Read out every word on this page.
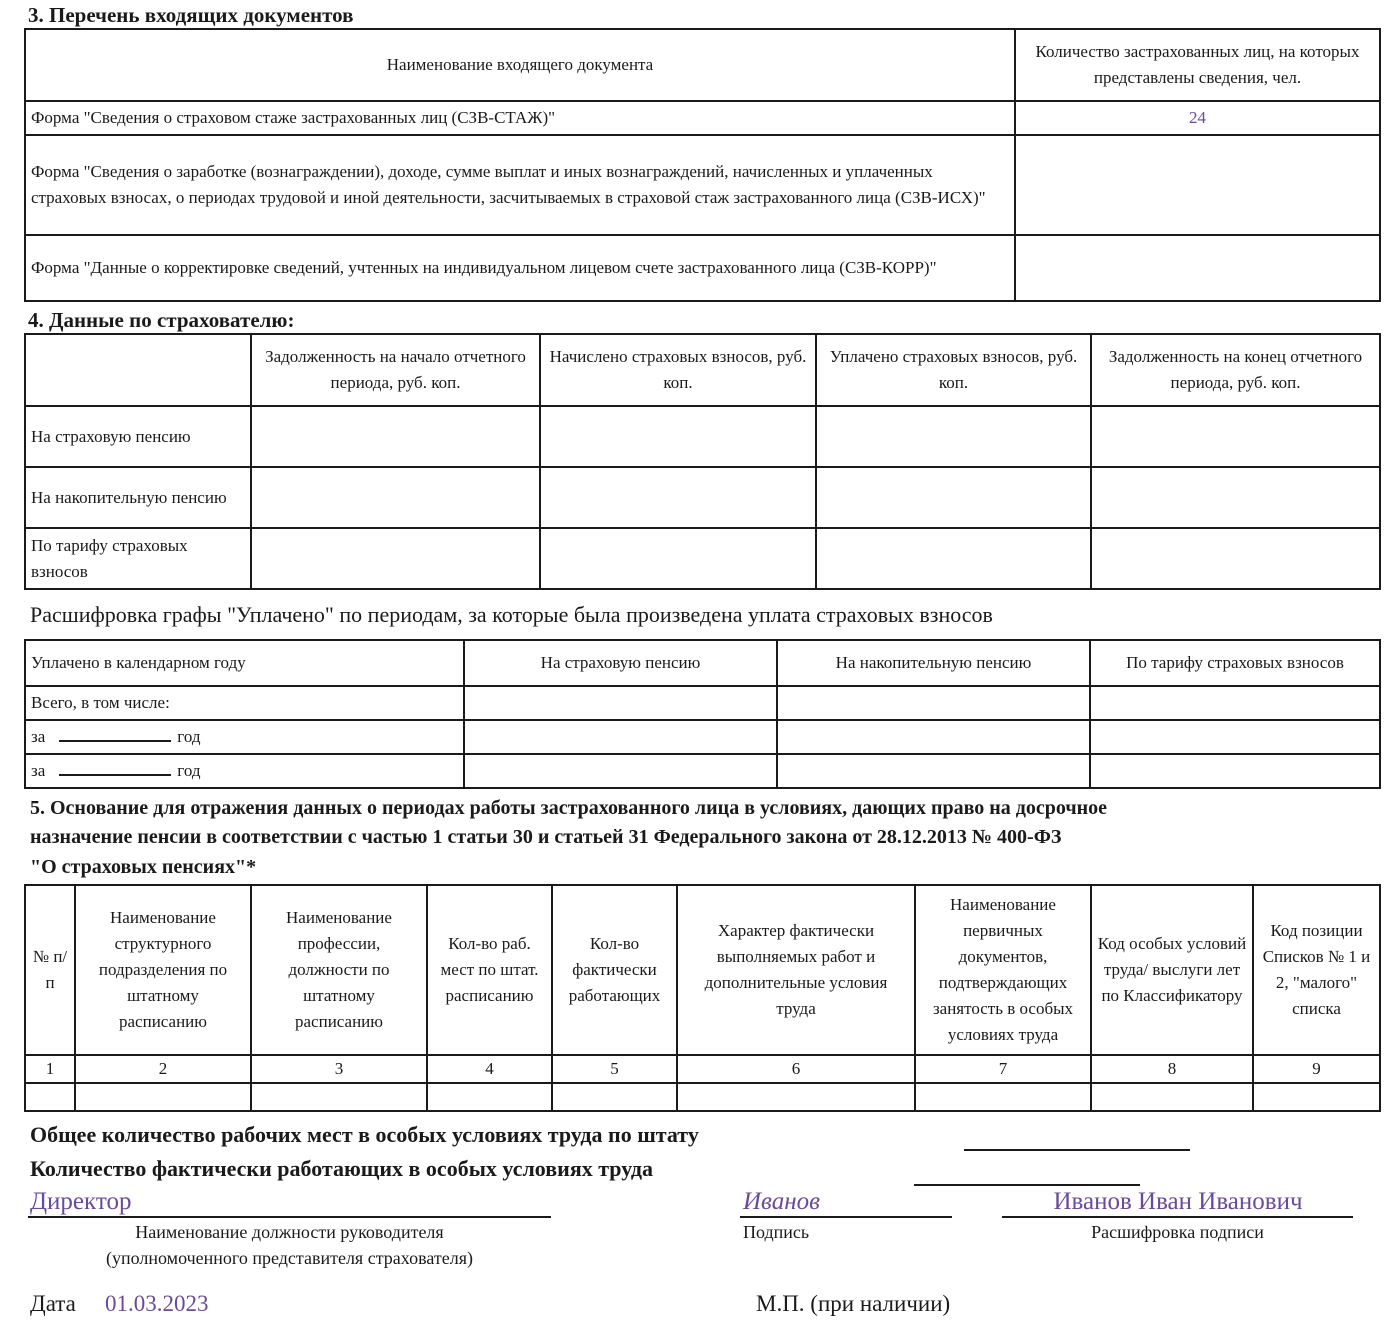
3. Перечень входящих документов
Наименование входящего документа	Количество застрахованных лиц, на которых представлены сведения, чел.
Форма "Сведения о страховом стаже застрахованных лиц (СЗВ-СТАЖ)"	24
Форма "Сведения о заработке (вознаграждении), доходе, сумме выплат и иных вознаграждений, начисленных и уплаченных страховых взносах, о периодах трудовой и иной деятельности, засчитываемых в страховой стаж застрахованного лица (СЗВ-ИСХ)"	
Форма "Данные о корректировке сведений, учтенных на индивидуальном лицевом счете застрахованного лица (СЗВ-КОРР)"	
4. Данные по страхователю:
	Задолженность на начало отчетного периода, руб. коп.	Начислено страховых взносов, руб. коп.	Уплачено страховых взносов, руб. коп.	Задолженность на конец отчетного периода, руб. коп.
На страховую пенсию				
На накопительную пенсию				
По тарифу страховых взносов				
Расшифровка графы "Уплачено" по периодам, за которые была произведена уплата страховых взносов
Уплачено в календарном году	На страховую пенсию	На накопительную пенсию	По тарифу страховых взносов
Всего, в том числе:			
за год			
за год			
5. Основание для отражения данных о периодах работы застрахованного лица в условиях, дающих право на досрочное
назначение пенсии в соответствии с частью 1 статьи 30 и статьей 31 Федерального закона от 28.12.2013 № 400-ФЗ
"О страховых пенсиях"*
№ п/п	Наименование структурного подразделения по штатному расписанию	Наименование профессии, должности по штатному расписанию	Кол-во раб. мест по штат. расписанию	Кол-во фактически работающих	Характер фактически выполняемых работ и дополнительные условия труда	Наименование первичных документов, подтверждающих занятость в особых условиях труда	Код особых условий труда/ выслуги лет по Классификатору	Код позиции Списков № 1 и 2, "малого" списка
1	2	3	4	5	6	7	8	9

Общее количество рабочих мест в особых условиях труда по штату
Количество фактически работающих в особых условиях труда
Директор
Наименование должности руководителя
(уполномоченного представителя страхователя)
Иванов
Подпись
Иванов Иван Иванович
Расшифровка подписи
Дата 01.03.2023	М.П. (при наличии)
